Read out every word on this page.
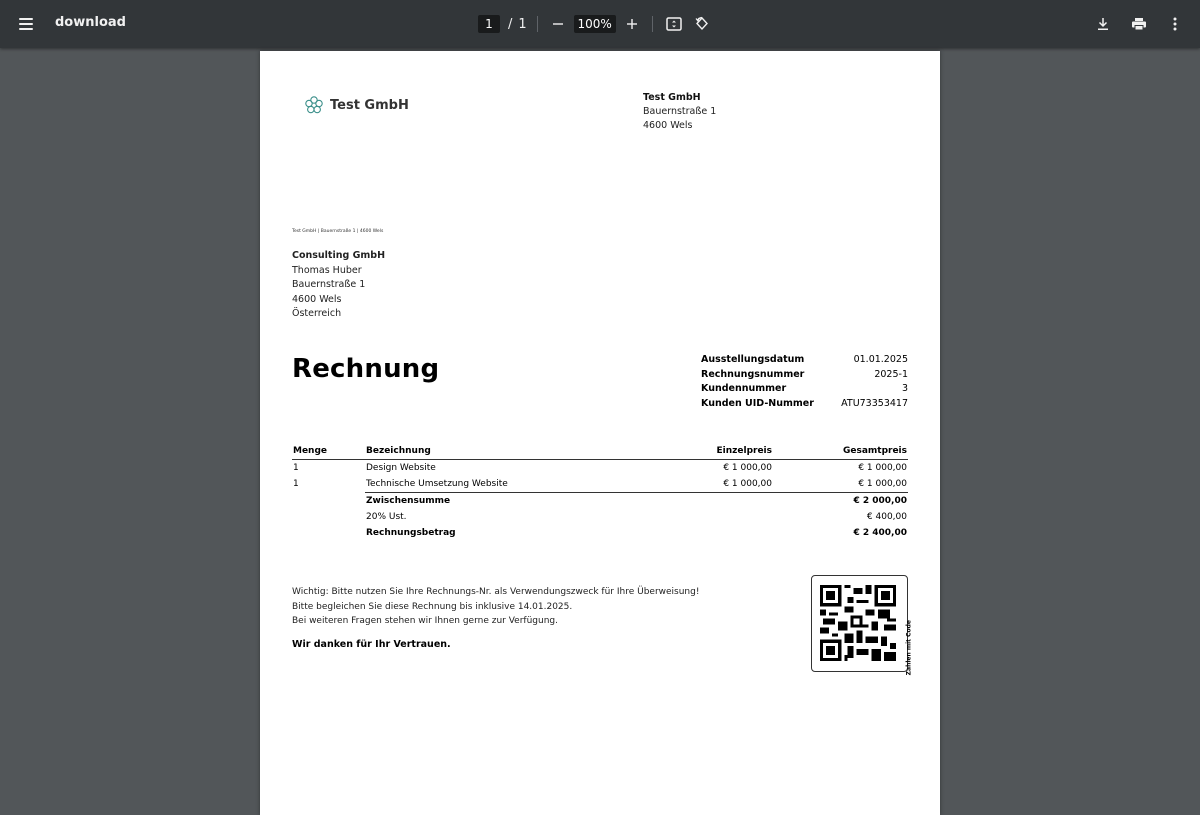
download
1	/ 1
100%
Test GmbH	Test GmbH
Bauernstraße 1
4600 Wels
Test GmbH | Bauernstraße 1 | 4600 Wels
Consulting GmbH
Thomas Huber
Bauernstraße 1
4600 Wels
Österreich
Rechnung	Ausstellungsdatum	01.01.2025
Rechnungsnummer	2025-1
Kundennummer	3
Kunden UID-Nummer	ATU73353417
Menge	Bezeichnung	Einzelpreis	Gesamtpreis
1	Design Website	€ 1 000,00	€ 1 000,00
1	Technische Umsetzung Website	€ 1 000,00	€ 1 000,00
	Zwischensumme		€ 2 000,00
	20% Ust.		€ 400,00
	Rechnungsbetrag		€ 2 400,00
Wichtig: Bitte nutzen Sie Ihre Rechnungs-Nr. als Verwendungszweck für Ihre Überweisung!
Bitte begleichen Sie diese Rechnung bis inklusive 14.01.2025.
Bei weiteren Fragen stehen wir Ihnen gerne zur Verfügung.
Wir danken für Ihr Vertrauen.	Zahlen mit Code
